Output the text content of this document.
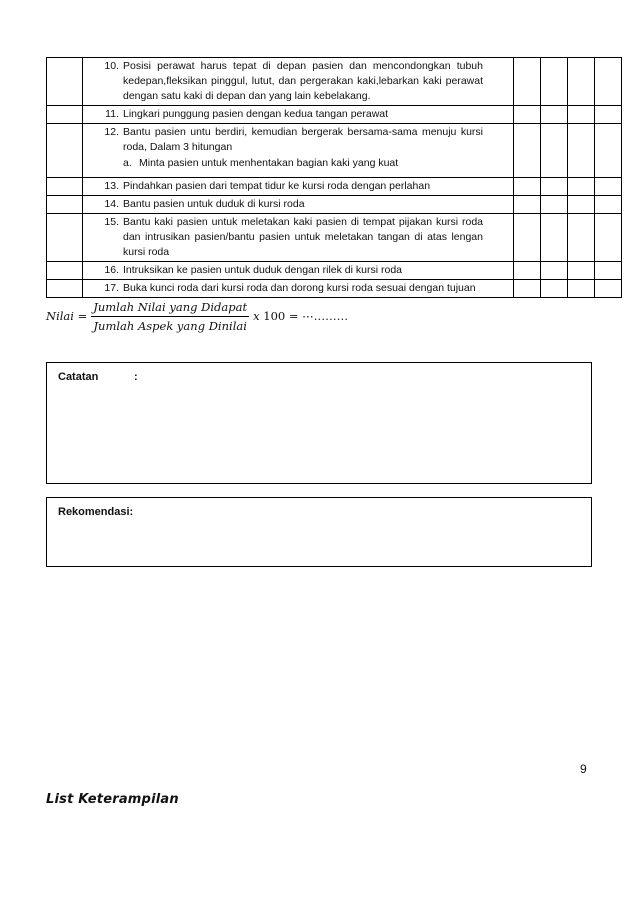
	10. Posisi perawat harus tepat di depan pasien dan mencondongkan tubuh kedepan,fleksikan pinggul, lutut, dan pergerakan kaki,lebarkan kaki perawat dengan satu kaki di depan dan yang lain kebelakang.				

	11. Lingkari punggung pasien dengan kedua tangan perawat				

	12. Bantu pasien untu berdiri, kemudian bergerak bersama-sama menuju kursi roda, Dalam 3 hitungan
a. Minta pasien untuk menhentakan bagian kaki yang kuat				

	13. Pindahkan pasien dari tempat tidur ke kursi roda dengan perlahan				

	14. Bantu pasien untuk duduk di kursi roda				

	15. Bantu kaki pasien untuk meletakan kaki pasien di tempat pijakan kursi roda dan intrusikan pasien/bantu pasien untuk meletakan tangan di atas lengan kursi roda				

	16. Intruksikan ke pasien untuk duduk dengan rilek di kursi roda				

	17. Buka kunci roda dari kursi roda dan dorong kursi roda sesuai dengan tujuan				

Nilai = $\frac{\text{Jumlah Nilai yang Didapat}}{\text{Jumlah Aspek yang Dinilai}}$ x 100 = ⋯………
Catatan	:
Rekomendasi:
9
List Keterampilan
